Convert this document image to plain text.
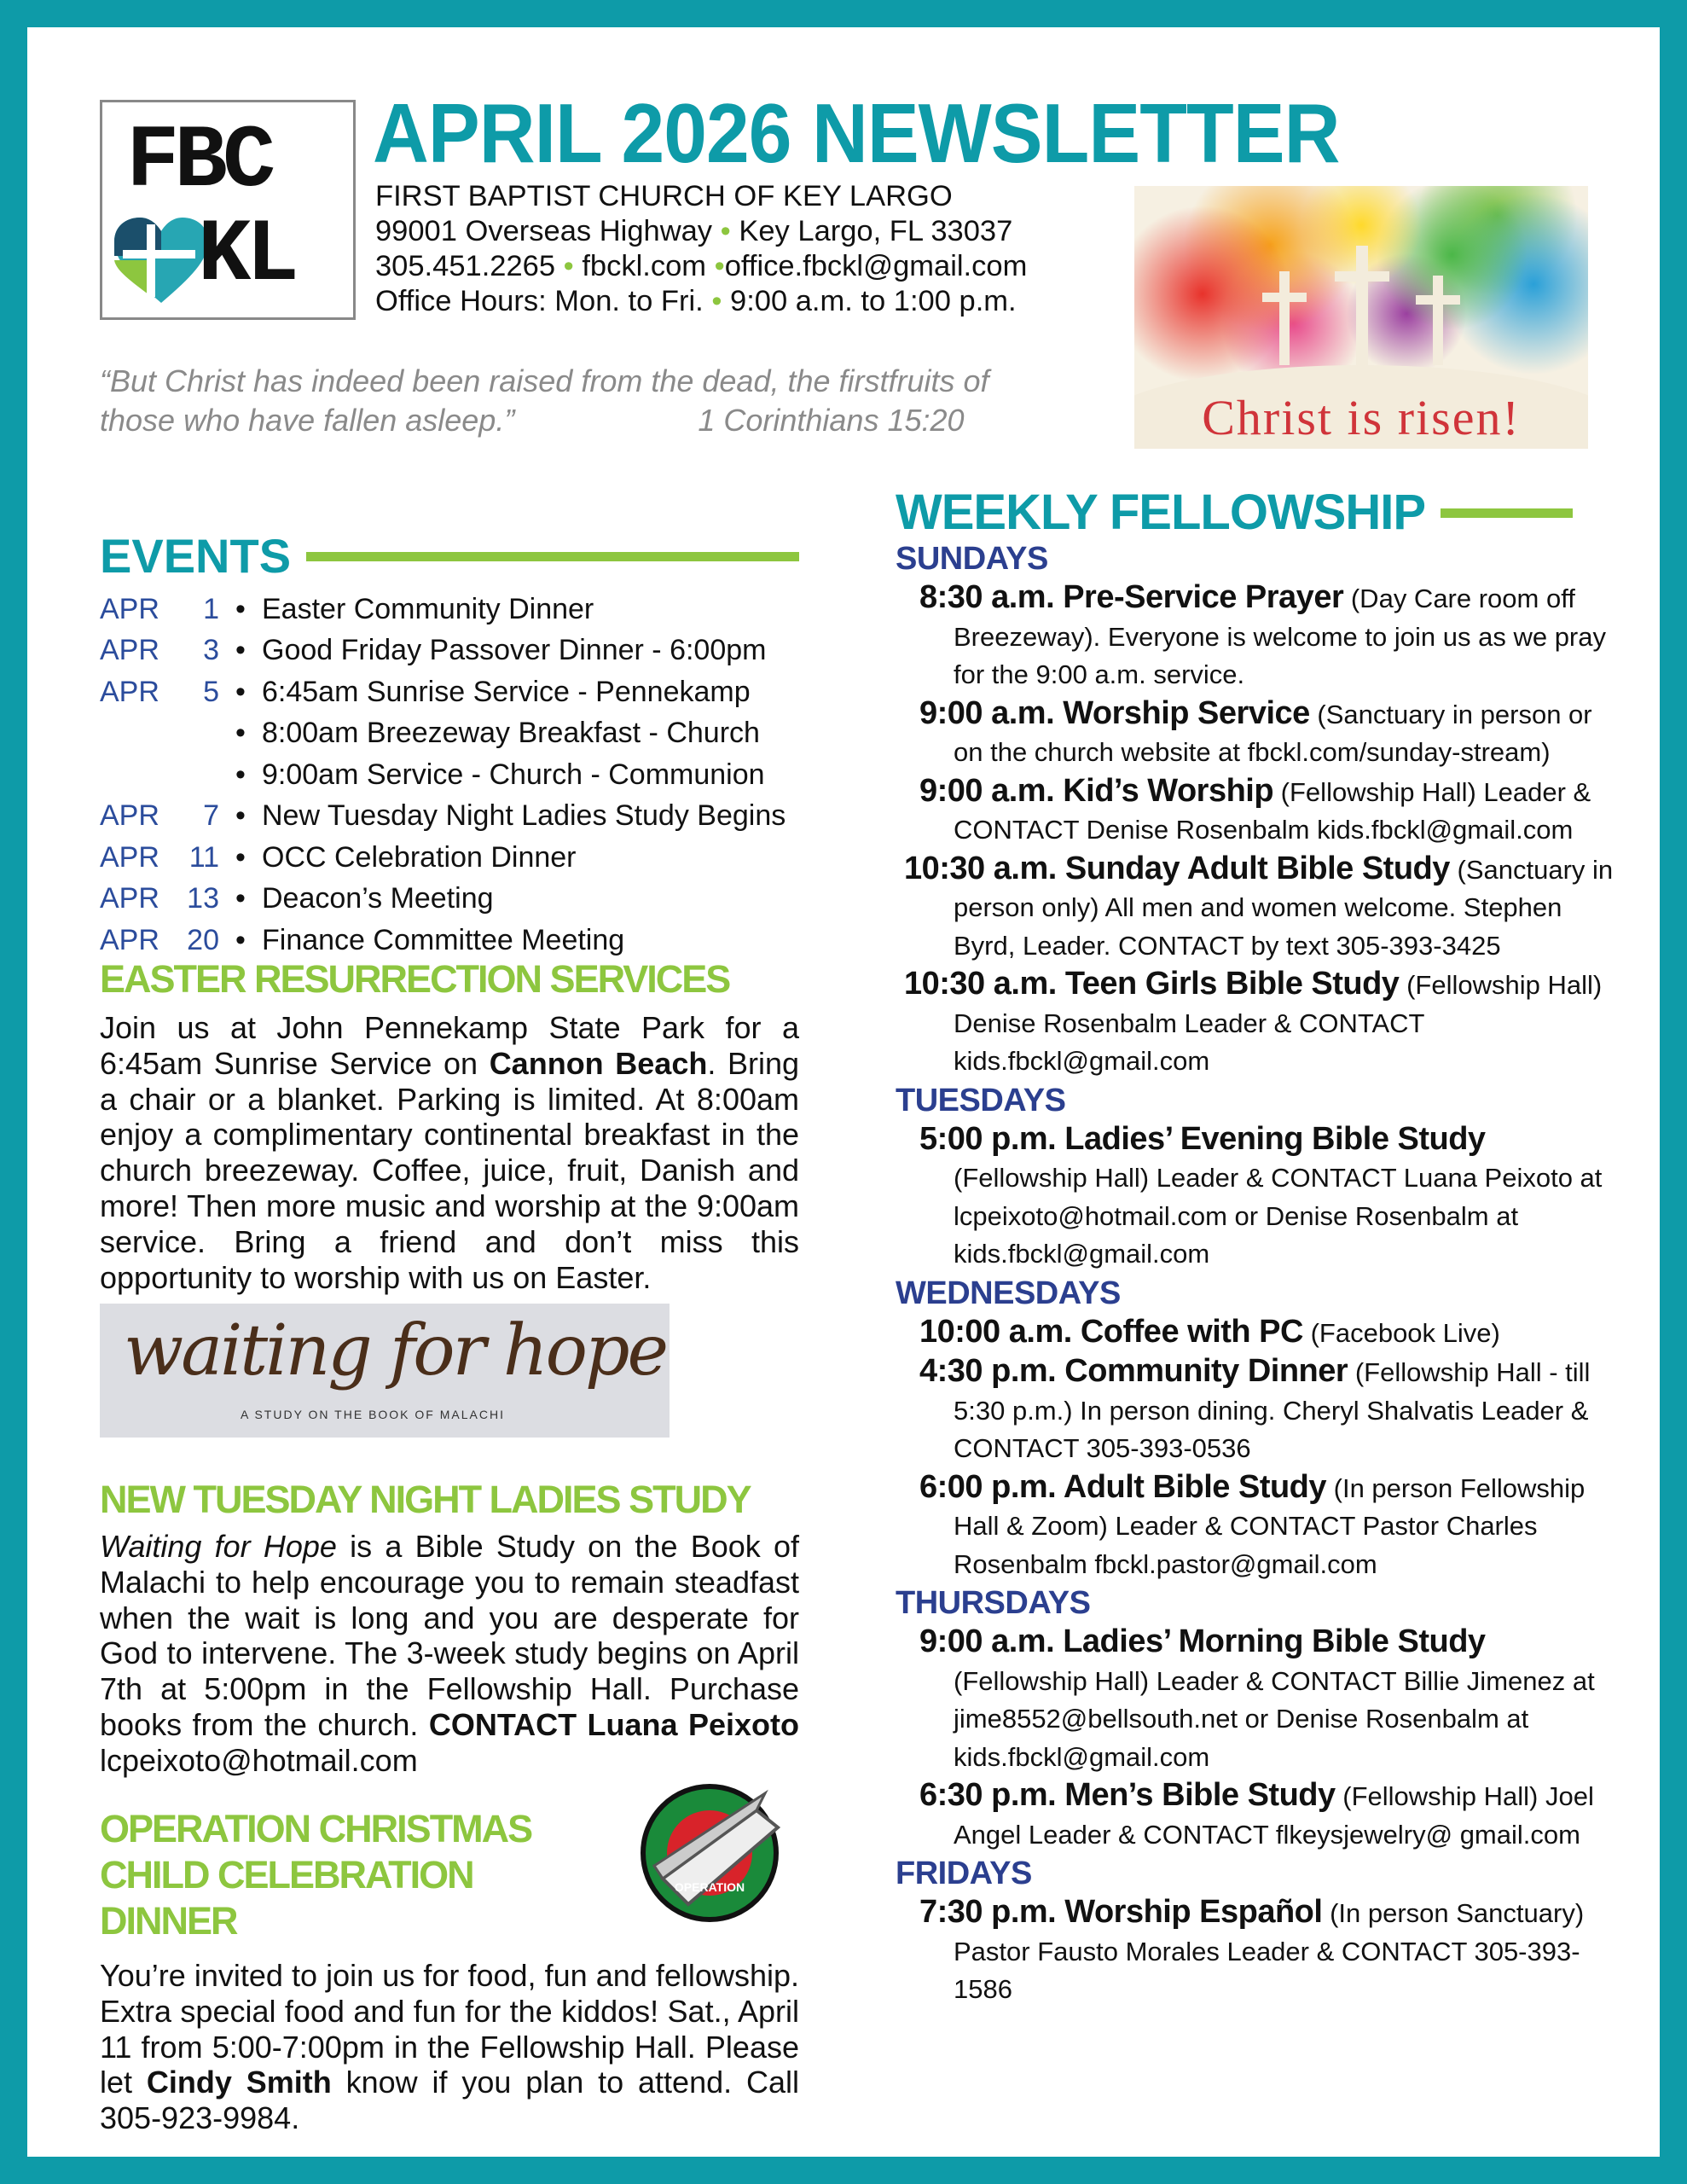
FBC
KL
APRIL 2026 NEWSLETTER
FIRST BAPTIST CHURCH OF KEY LARGO
99001 Overseas Highway • Key Largo, FL 33037
305.451.2265 • fbckl.com •office.fbckl@gmail.com
Office Hours: Mon. to Fri. • 9:00 a.m. to 1:00 p.m.
“But Christ has indeed been raised from the dead, the firstfruits of
those who have fallen asleep.”	1 Corinthians 15:20	Christ is risen!
EVENTS
APR	1 • Easter Community Dinner
APR	3 • Good Friday Passover Dinner - 6:00pm
APR	5 • 6:45am Sunrise Service - Pennekamp
• 8:00am Breezeway Breakfast - Church
• 9:00am Service - Church - Communion
APR	7 • New Tuesday Night Ladies Study Begins
APR	11 • OCC Celebration Dinner
APR 13 • Deacon’s Meeting
APR 20 • Finance Committee Meeting
EASTER RESURRECTION SERVICES
Join us at John Pennekamp State Park for a 6:45am Sunrise Service on Cannon Beach. Bring a chair or a blanket. Parking is limited. At 8:00am enjoy a complimentary continental breakfast in the church breezeway. Coffee, juice, fruit, Danish and more! Then more music and worship at the 9:00am service. Bring a friend and don’t miss this opportunity to worship with us on Easter.
waiting for hope
A STUDY ON THE BOOK OF MALACHI
NEW TUESDAY NIGHT LADIES STUDY
Waiting for Hope is a Bible Study on the Book of Malachi to help encourage you to remain steadfast when the wait is long and you are desperate for God to intervene. The 3-week study begins on April 7th at 5:00pm in the Fellowship Hall. Purchase books from the church. CONTACT Luana Peixoto lcpeixoto@hotmail.com
OPERATION CHRISTMAS
CHILD CELEBRATION
DINNER
You’re invited to join us for food, fun and fellowship. Extra special food and fun for the kiddos! Sat., April 11 from 5:00-7:00pm in the Fellowship Hall. Please let Cindy Smith know if you plan to attend. Call 305-923-9984.
OPERATION
WEEKLY FELLOWSHIP
SUNDAYS
8:30 a.m. Pre-Service Prayer (Day Care room off Breezeway). Everyone is welcome to join us as we pray for the 9:00 a.m. service.
9:00 a.m. Worship Service (Sanctuary in person or on the church website at fbckl.com/sunday-stream)
9:00 a.m. Kid’s Worship (Fellowship Hall) Leader & CONTACT Denise Rosenbalm kids.fbckl@gmail.com
10:30 a.m. Sunday Adult Bible Study (Sanctuary in person only) All men and women welcome. Stephen Byrd, Leader. CONTACT by text 305-393-3425
10:30 a.m. Teen Girls Bible Study (Fellowship Hall) Denise Rosenbalm Leader & CONTACT kids.fbckl@gmail.com
TUESDAYS
5:00 p.m. Ladies’ Evening Bible Study (Fellowship Hall) Leader & CONTACT Luana Peixoto at lcpeixoto@hotmail.com or Denise Rosenbalm at kids.fbckl@gmail.com
WEDNESDAYS
10:00 a.m. Coffee with PC (Facebook Live)
4:30 p.m. Community Dinner (Fellowship Hall - till 5:30 p.m.) In person dining. Cheryl Shalvatis Leader & CONTACT 305-393-0536
6:00 p.m. Adult Bible Study (In person Fellowship Hall & Zoom) Leader & CONTACT Pastor Charles Rosenbalm fbckl.pastor@gmail.com
THURSDAYS
9:00 a.m. Ladies’ Morning Bible Study (Fellowship Hall) Leader & CONTACT Billie Jimenez at jime8552@bellsouth.net or Denise Rosenbalm at kids.fbckl@gmail.com
6:30 p.m. Men’s Bible Study (Fellowship Hall) Joel Angel Leader & CONTACT flkeysjewelry@ gmail.com
FRIDAYS
7:30 p.m. Worship Español (In person Sanctuary) Pastor Fausto Morales Leader & CONTACT 305-393-1586
